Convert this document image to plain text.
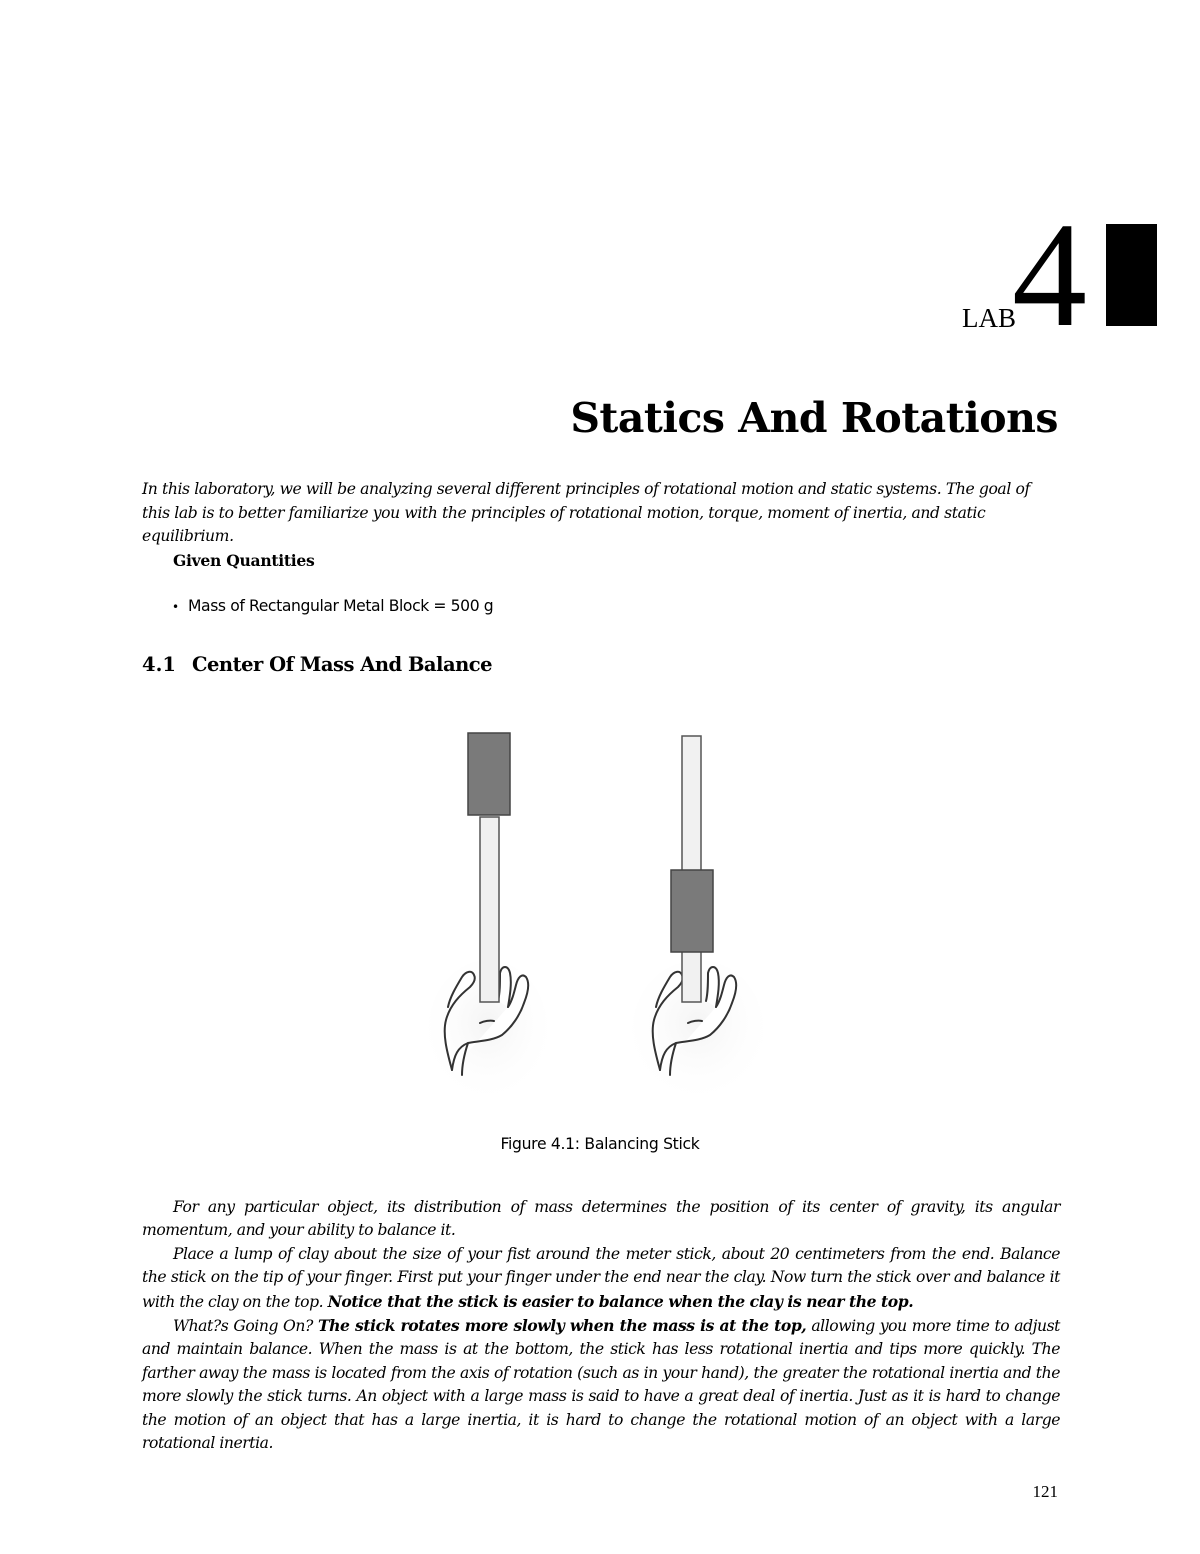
LAB
4
Statics And Rotations

In this laboratory, we will be analyzing several different principles of rotational motion and static systems. The goal of this lab is to better familiarize you with the principles of rotational motion, torque, moment of inertia, and static equilibrium.

Given Quantities
• Mass of Rectangular Metal Block = 500 g
4.1 Center Of Mass And Balance
Figure 4.1: Balancing Stick

For any particular object, its distribution of mass determines the position of its center of gravity, its angular momentum, and your ability to balance it.

Place a lump of clay about the size of your fist around the meter stick, about 20 centimeters from the end. Balance the stick on the tip of your finger. First put your finger under the end near the clay. Now turn the stick over and balance it with the clay on the top. Notice that the stick is easier to balance when the clay is near the top.

What?s Going On? The stick rotates more slowly when the mass is at the top, allowing you more time to adjust and maintain balance. When the mass is at the bottom, the stick has less rotational inertia and tips more quickly. The farther away the mass is located from the axis of rotation (such as in your hand), the greater the rotational inertia and the more slowly the stick turns. An object with a large mass is said to have a great deal of inertia. Just as it is hard to change the motion of an object that has a large inertia, it is hard to change the rotational motion of an object with a large rotational inertia.

121
